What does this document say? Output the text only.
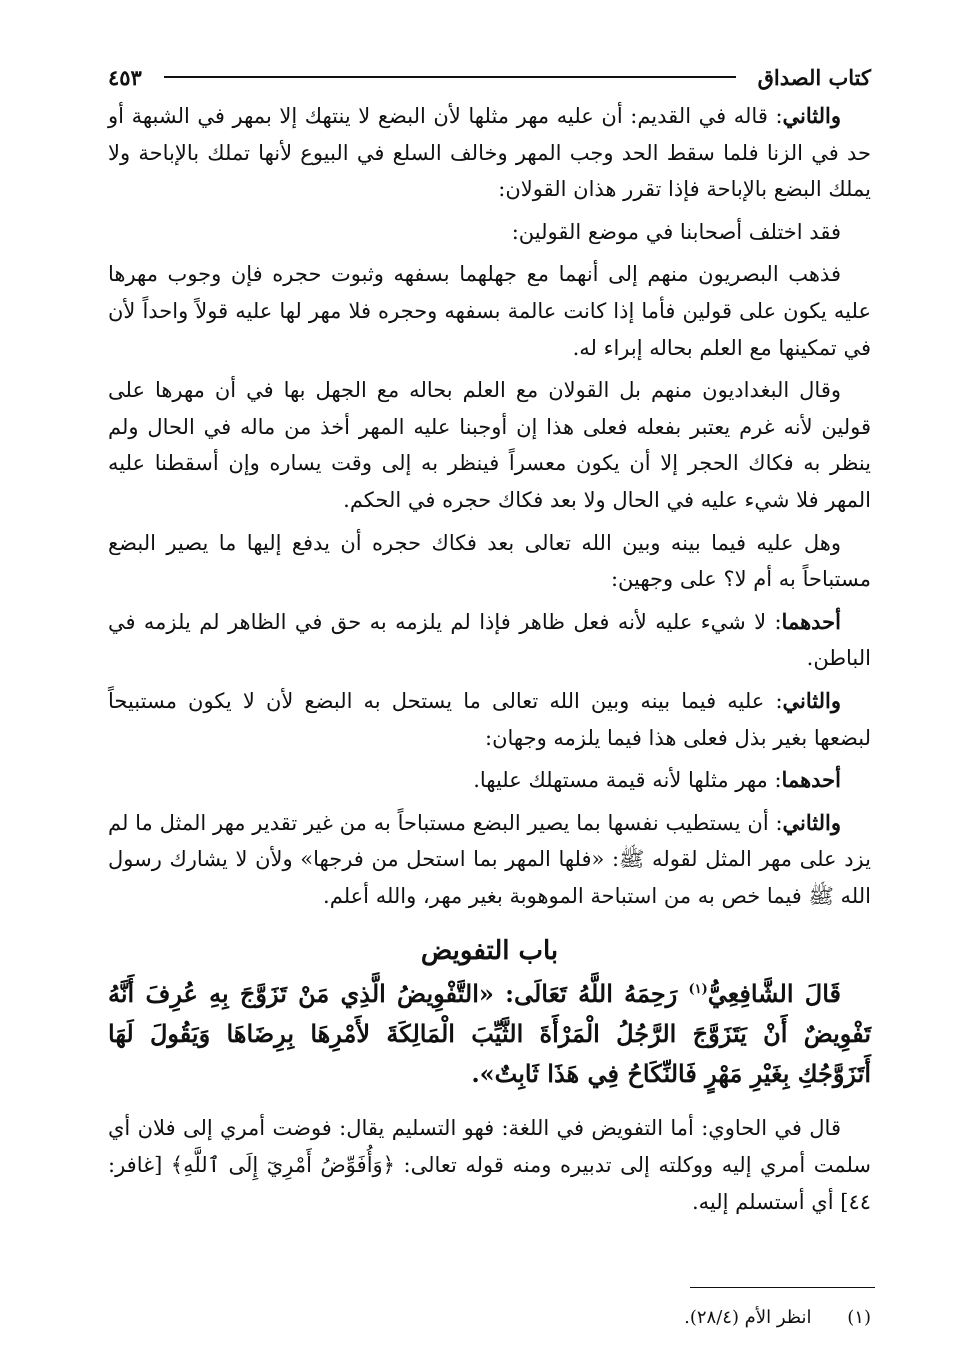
كتاب الصداق
٤٥٣

والثاني: قاله في القديم: أن عليه مهر مثلها لأن البضع لا ينتهك إلا بمهر في الشبهة أو حد في الزنا فلما سقط الحد وجب المهر وخالف السلع في البيوع لأنها تملك بالإباحة ولا يملك البضع بالإباحة فإذا تقرر هذان القولان:

فقد اختلف أصحابنا في موضع القولين:

فذهب البصريون منهم إلى أنهما مع جهلهما بسفهه وثبوت حجره فإن وجوب مهرها عليه يكون على قولين فأما إذا كانت عالمة بسفهه وحجره فلا مهر لها عليه قولاً واحداً لأن في تمكينها مع العلم بحاله إبراء له.

وقال البغداديون منهم بل القولان مع العلم بحاله مع الجهل بها في أن مهرها على قولين لأنه غرم يعتبر بفعله فعلى هذا إن أوجبنا عليه المهر أخذ من ماله في الحال ولم ينظر به فكاك الحجر إلا أن يكون معسراً فينظر به إلى وقت يساره وإن أسقطنا عليه المهر فلا شيء عليه في الحال ولا بعد فكاك حجره في الحكم.

وهل عليه فيما بينه وبين الله تعالى بعد فكاك حجره أن يدفع إليها ما يصير البضع مستباحاً به أم لا؟ على وجهين:

أحدهما: لا شيء عليه لأنه فعل ظاهر فإذا لم يلزمه به حق في الظاهر لم يلزمه في الباطن.

والثاني: عليه فيما بينه وبين الله تعالى ما يستحل به البضع لأن لا يكون مستبيحاً لبضعها بغير بذل فعلى هذا فيما يلزمه وجهان:

أحدهما: مهر مثلها لأنه قيمة مستهلك عليها.

والثاني: أن يستطيب نفسها بما يصير البضع مستباحاً به من غير تقدير مهر المثل ما لم يزد على مهر المثل لقوله ﷺ: «فلها المهر بما استحل من فرجها» ولأن لا يشارك رسول الله ﷺ فيما خص به من استباحة الموهوبة بغير مهر، والله أعلم.

باب التفويض

قَالَ الشَّافِعِيُّ$^{(١)}$ رَحِمَهُ اللَّهُ تَعَالَى: «التَّفْوِيضُ الَّذِي مَنْ تَزَوَّجَ بِهِ عُرِفَ أَنَّهُ تَفْوِيضٌ أَنْ يَتَزَوَّجَ الرَّجُلُ الْمَرْأَةَ الثَّيِّبَ الْمَالِكَةَ لأَمْرِهَا بِرِضَاهَا وَيَقُولَ لَهَا أَتَزَوَّجُكِ بِغَيْرِ مَهْرٍ فَالنِّكَاحُ فِي هَذَا ثَابِتٌ».

قال في الحاوي: أما التفويض في اللغة: فهو التسليم يقال: فوضت أمري إلى فلان أي سلمت أمري إليه ووكلته إلى تدبيره ومنه قوله تعالى: ﴿وَأُفَوِّضُ أَمْرِيٓ إِلَى ٱللَّهِ﴾ [غافر: ٤٤] أي أستسلم إليه.

(١) انظر الأم (٢٨/٤).
